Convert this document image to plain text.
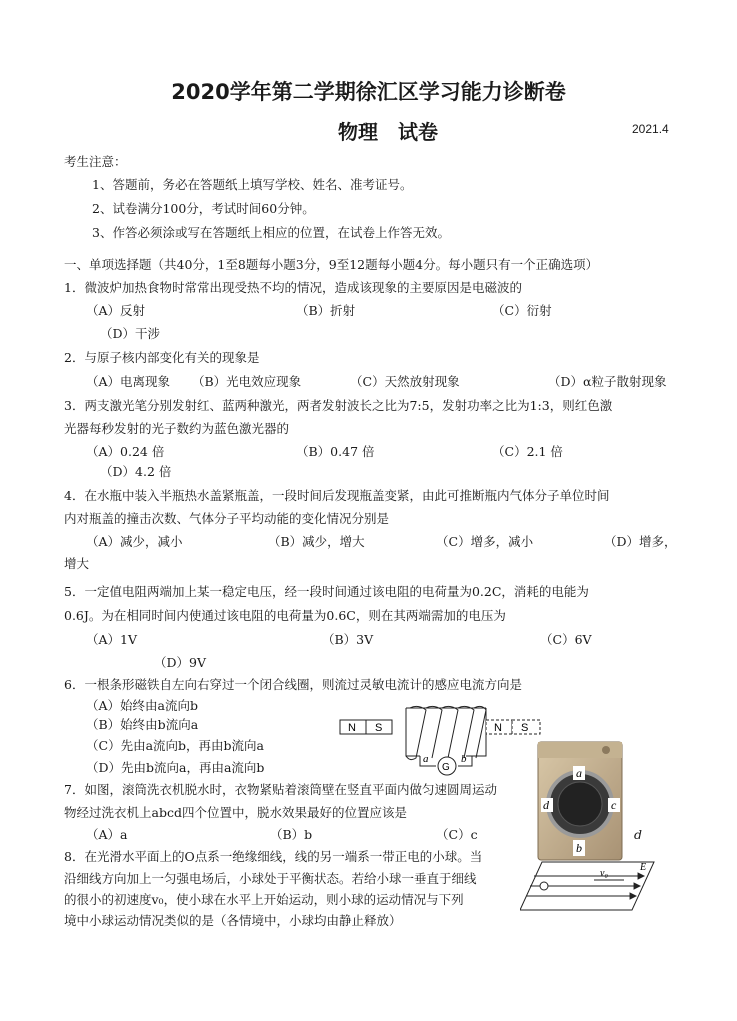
2020学年第二学期徐汇区学习能力诊断卷
物理　试卷	2021.4
考生注意：
1、答题前，务必在答题纸上填写学校、姓名、准考证号。
2、试卷满分100分，考试时间60分钟。
3、作答必须涂或写在答题纸上相应的位置，在试卷上作答无效。
一、单项选择题（共40分，1至8题每小题3分，9至12题每小题4分。每小题只有一个正确选项）
1．微波炉加热食物时常常出现受热不均的情况，造成该现象的主要原因是电磁波的
（A）反射	（B）折射	（C）衍射
（D）干涉
2．与原子核内部变化有关的现象是
（A）电离现象 （B）光电效应现象	（C）天然放射现象	（D）α粒子散射现象
3．两支激光笔分别发射红、蓝两种激光，两者发射波长之比为7:5，发射功率之比为1:3，则红色激
光器每秒发射的光子数约为蓝色激光器的
（A）0.24 倍	（B）0.47 倍	（C）2.1 倍
（D）4.2 倍
4．在水瓶中装入半瓶热水盖紧瓶盖，一段时间后发现瓶盖变紧，由此可推断瓶内气体分子单位时间
内对瓶盖的撞击次数、气体分子平均动能的变化情况分别是
（A）减少，减小	（B）减少，增大	（C）增多，减小	（D）增多，
增大
5．一定值电阻两端加上某一稳定电压，经一段时间通过该电阻的电荷量为0.2C，消耗的电能为
0.6J。为在相同时间内使通过该电阻的电荷量为0.6C，则在其两端需加的电压为
（A）1V	（B）3V	（C）6V
（D）9V
6．一根条形磁铁自左向右穿过一个闭合线圈，则流过灵敏电流计的感应电流方向是
（A）始终由a流向b
（B）始终由b流向a
（C）先由a流向b，再由b流向a
（D）先由b流向a，再由a流向b
N S
G
a	b
N S
7．如图，滚筒洗衣机脱水时，衣物紧贴着滚筒壁在竖直平面内做匀速圆周运动
物经过洗衣机上abcd四个位置中，脱水效果最好的位置应该是
（A）a	（B）b	（C）c	d
a
d	c
b
8．在光滑水平面上的O点系一绝缘细线，线的另一端系一带正电的小球。当
沿细线方向加上一匀强电场后，小球处于平衡状态。若给小球一垂直于细线
的很小的初速度v₀，使小球在水平上开始运动，则小球的运动情况与下列
境中小球运动情况类似的是（各情境中，小球均由静止释放）
v₀
E
